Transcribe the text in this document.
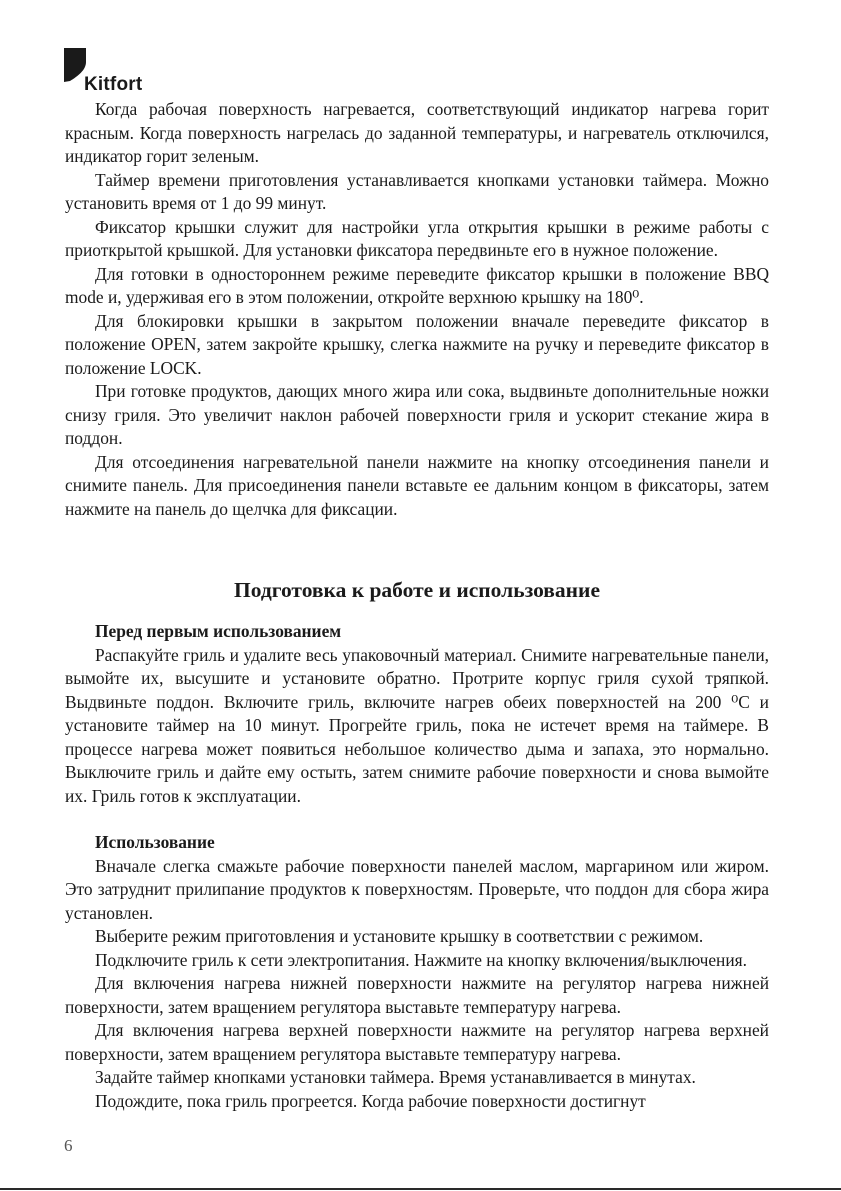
Kitfort

Когда рабочая поверхность нагревается, соответствующий индикатор нагрева горит красным. Когда поверхность нагрелась до заданной температуры, и нагреватель отключился, индикатор горит зеленым.

Таймер времени приготовления устанавливается кнопками установки таймера. Можно установить время от 1 до 99 минут.

Фиксатор крышки служит для настройки угла открытия крышки в режиме работы с приоткрытой крышкой. Для установки фиксатора передвиньте его в нужное положение.

Для готовки в одностороннем режиме переведите фиксатор крышки в положение BBQ mode и, удерживая его в этом положении, откройте верхнюю крышку на 180⁰.

Для блокировки крышки в закрытом положении вначале переведите фиксатор в положение OPEN, затем закройте крышку, слегка нажмите на ручку и переведите фиксатор в положение LOCK.

При готовке продуктов, дающих много жира или сока, выдвиньте дополнительные ножки снизу гриля. Это увеличит наклон рабочей поверхности гриля и ускорит стекание жира в поддон.

Для отсоединения нагревательной панели нажмите на кнопку отсоединения панели и снимите панель. Для присоединения панели вставьте ее дальним концом в фиксаторы, затем нажмите на панель до щелчка для фиксации.

Подготовка к работе и использование
Перед первым использованием

Распакуйте гриль и удалите весь упаковочный материал. Снимите нагревательные панели, вымойте их, высушите и установите обратно. Протрите корпус гриля сухой тряпкой. Выдвиньте поддон. Включите гриль, включите нагрев обеих поверхностей на 200 ⁰С и установите таймер на 10 минут. Прогрейте гриль, пока не истечет время на таймере. В процессе нагрева может появиться небольшое количество дыма и запаха, это нормально. Выключите гриль и дайте ему остыть, затем снимите рабочие поверхности и снова вымойте их. Гриль готов к эксплуатации.

Использование

Вначале слегка смажьте рабочие поверхности панелей маслом, маргарином или жиром. Это затруднит прилипание продуктов к поверхностям. Проверьте, что поддон для сбора жира установлен.

Выберите режим приготовления и установите крышку в соответствии с режимом.

Подключите гриль к сети электропитания. Нажмите на кнопку включения/выключения.

Для включения нагрева нижней поверхности нажмите на регулятор нагрева нижней поверхности, затем вращением регулятора выставьте температуру нагрева.

Для включения нагрева верхней поверхности нажмите на регулятор нагрева верхней поверхности, затем вращением регулятора выставьте температуру нагрева.

Задайте таймер кнопками установки таймера. Время устанавливается в минутах.

Подождите, пока гриль прогреется. Когда рабочие поверхности достигнут

6
